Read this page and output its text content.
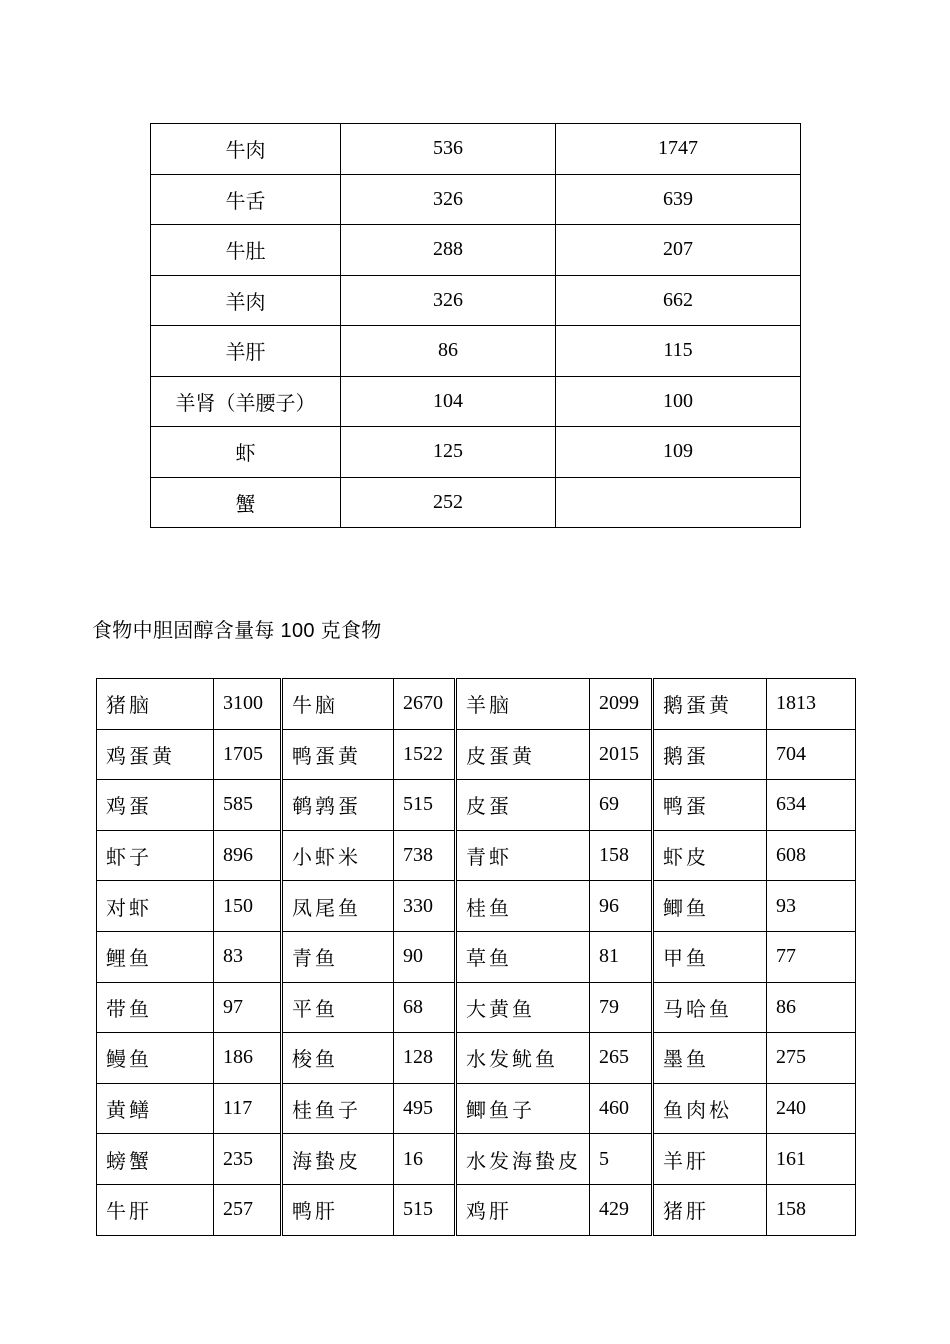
牛肉	536	1747
牛舌	326	639
牛肚	288	207
羊肉	326	662
羊肝	86	115
羊肾（羊腰子）	104	100
虾	125	109
蟹	252	
食物中胆固醇含量每 100 克食物
猪脑	3100	牛脑	2670	羊脑	2099	鹅蛋黄	1813
鸡蛋黄	1705	鸭蛋黄	1522	皮蛋黄	2015	鹅蛋	704
鸡蛋	585	鹌鹑蛋	515	皮蛋	69	鸭蛋	634
虾子	896	小虾米	738	青虾	158	虾皮	608
对虾	150	凤尾鱼	330	桂鱼	96	鲫鱼	93
鲤鱼	83	青鱼	90	草鱼	81	甲鱼	77
带鱼	97	平鱼	68	大黄鱼	79	马哈鱼	86
鳗鱼	186	梭鱼	128	水发鱿鱼	265	墨鱼	275
黄鳝	117	桂鱼子	495	鲫鱼子	460	鱼肉松	240
螃蟹	235	海蛰皮	16	水发海蛰皮	5	羊肝	161
牛肝	257	鸭肝	515	鸡肝	429	猪肝	158
